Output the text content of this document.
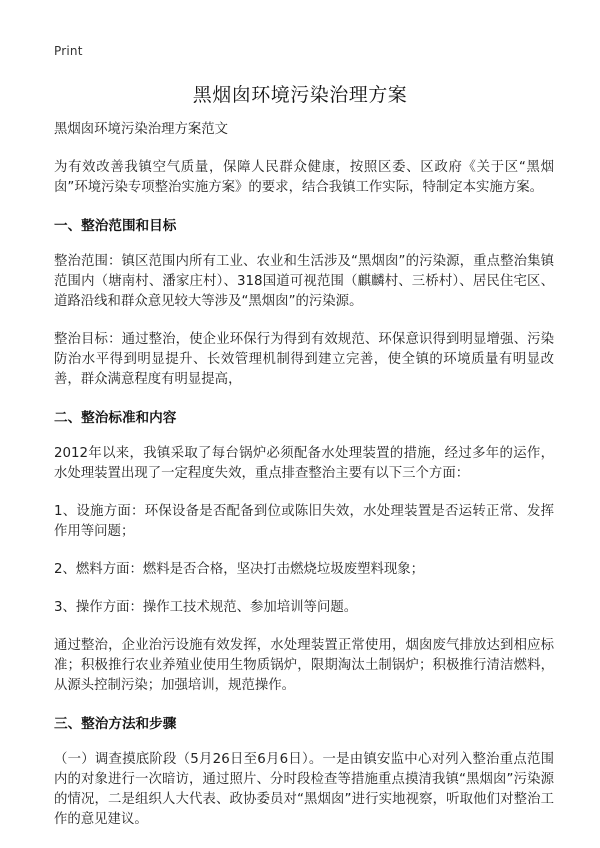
Print
黑烟囱环境污染治理方案
黑烟囱环境污染治理方案范文

为有效改善我镇空气质量，保障人民群众健康，按照区委、区政府《关于区“黑烟囱”环境污染专项整治实施方案》的要求，结合我镇工作实际，特制定本实施方案。

一、整治范围和目标

整治范围：镇区范围内所有工业、农业和生活涉及“黑烟囱”的污染源，重点整治集镇范围内（塘南村、潘家庄村）、318国道可视范围（麒麟村、三桥村）、居民住宅区、道路沿线和群众意见较大等涉及“黑烟囱”的污染源。

整治目标：通过整治，使企业环保行为得到有效规范、环保意识得到明显增强、污染防治水平得到明显提升、长效管理机制得到建立完善，使全镇的环境质量有明显改善，群众满意程度有明显提高，

二、整治标准和内容

2012年以来，我镇采取了每台锅炉必须配备水处理装置的措施，经过多年的运作，水处理装置出现了一定程度失效，重点排查整治主要有以下三个方面：

1、设施方面：环保设备是否配备到位或陈旧失效，水处理装置是否运转正常、发挥作用等问题；

2、燃料方面：燃料是否合格，坚决打击燃烧垃圾废塑料现象；

3、操作方面：操作工技术规范、参加培训等问题。

通过整治，企业治污设施有效发挥，水处理装置正常使用，烟囱废气排放达到相应标准；积极推行农业养殖业使用生物质锅炉，限期淘汰土制锅炉；积极推行清洁燃料，从源头控制污染；加强培训，规范操作。

三、整治方法和步骤

（一）调查摸底阶段（5月26日至6月6日）。一是由镇安监中心对列入整治重点范围内的对象进行一次暗访，通过照片、分时段检查等措施重点摸清我镇“黑烟囱”污染源的情况，二是组织人大代表、政协委员对“黑烟囱”进行实地视察，听取他们对整治工作的意见建议。
